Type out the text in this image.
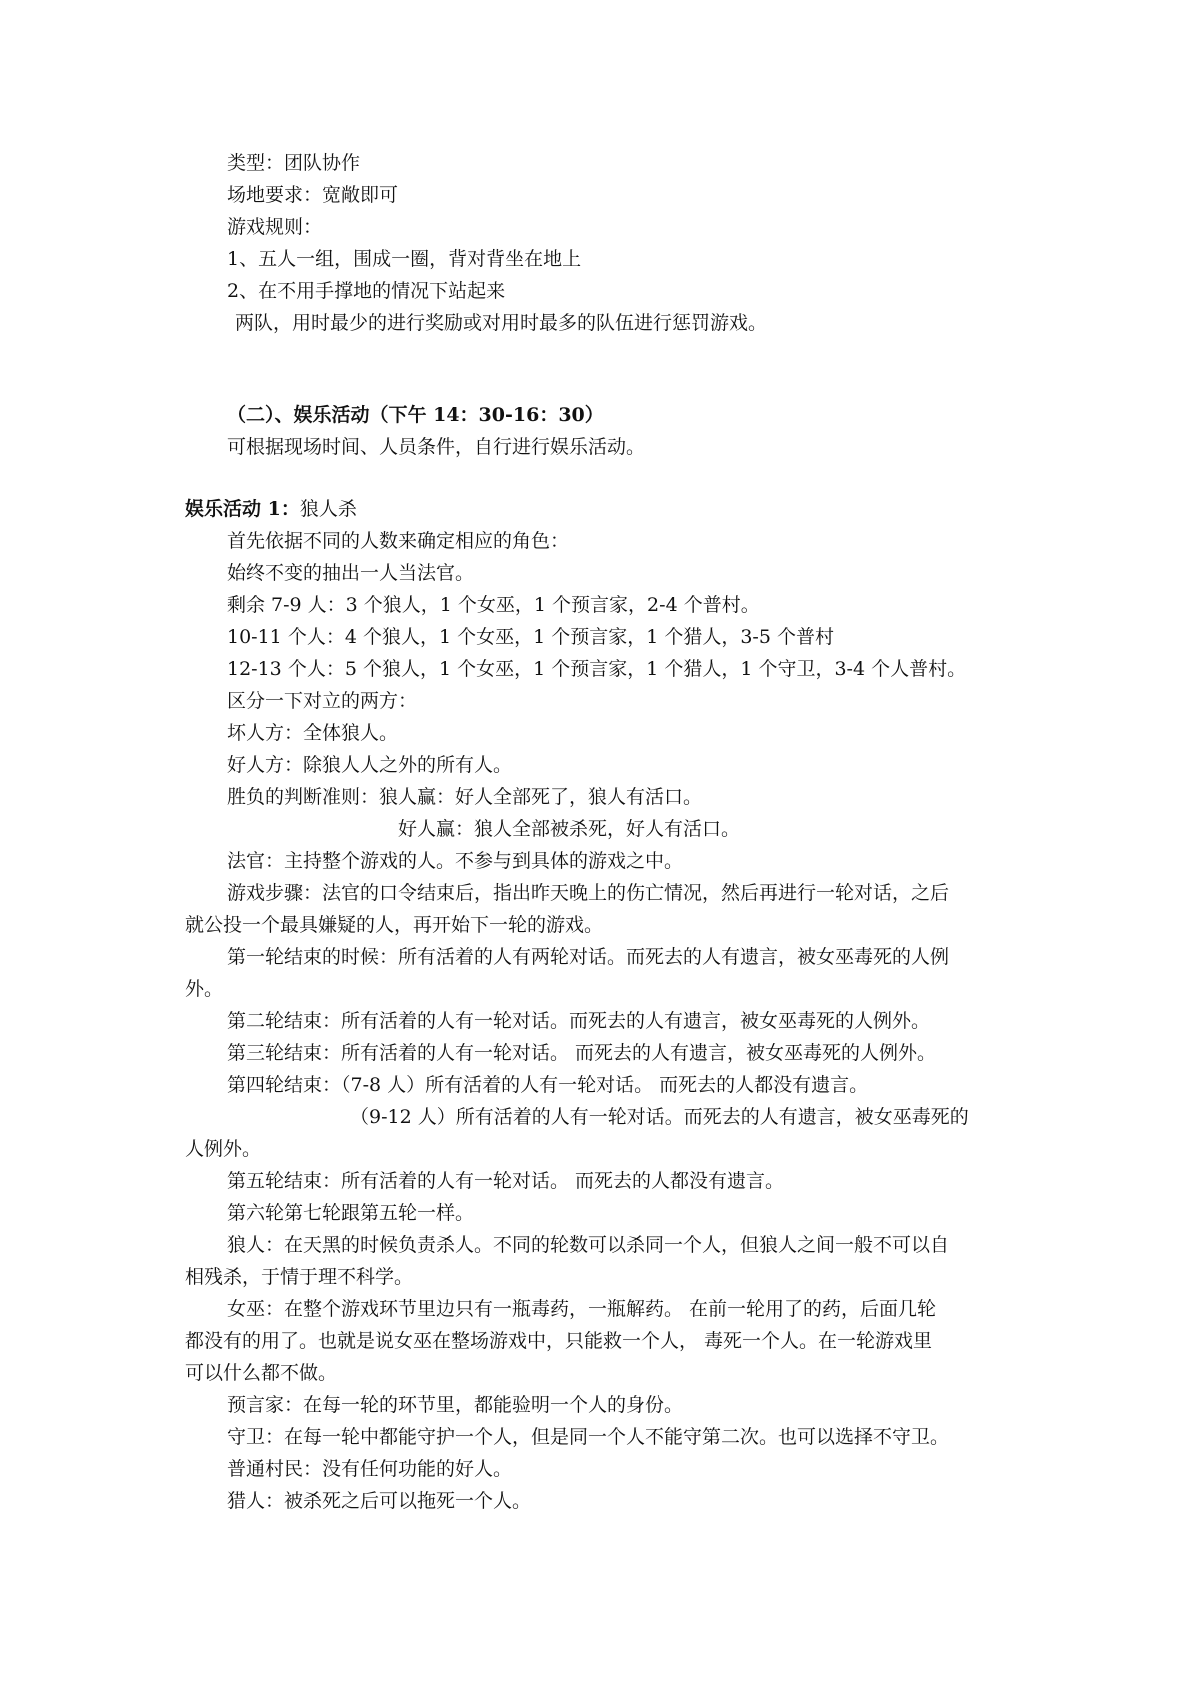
类型：团队协作
场地要求：宽敞即可
游戏规则：
1、五人一组，围成一圈，背对背坐在地上
2、在不用手撑地的情况下站起来
两队，用时最少的进行奖励或对用时最多的队伍进行惩罚游戏。
（二）、娱乐活动（下午 14：30-16：30）
可根据现场时间、人员条件，自行进行娱乐活动。
娱乐活动 1：狼人杀
首先依据不同的人数来确定相应的角色：
始终不变的抽出一人当法官。
剩余 7-9 人：3 个狼人，1 个女巫，1 个预言家，2-4 个普村。
10-11 个人：4 个狼人，1 个女巫，1 个预言家，1 个猎人，3-5 个普村
12-13 个人：5 个狼人，1 个女巫，1 个预言家，1 个猎人，1 个守卫，3-4 个人普村。
区分一下对立的两方：
坏人方：全体狼人。
好人方：除狼人人之外的所有人。
胜负的判断准则：狼人赢：好人全部死了，狼人有活口。
好人赢：狼人全部被杀死，好人有活口。
法官：主持整个游戏的人。不参与到具体的游戏之中。
游戏步骤：法官的口令结束后，指出昨天晚上的伤亡情况，然后再进行一轮对话，之后
就公投一个最具嫌疑的人，再开始下一轮的游戏。
第一轮结束的时候：所有活着的人有两轮对话。而死去的人有遗言，被女巫毒死的人例
外。
第二轮结束：所有活着的人有一轮对话。而死去的人有遗言，被女巫毒死的人例外。
第三轮结束：所有活着的人有一轮对话。 而死去的人有遗言，被女巫毒死的人例外。
第四轮结束：（7-8 人）所有活着的人有一轮对话。 而死去的人都没有遗言。
（9-12 人）所有活着的人有一轮对话。而死去的人有遗言，被女巫毒死的
人例外。
第五轮结束：所有活着的人有一轮对话。 而死去的人都没有遗言。
第六轮第七轮跟第五轮一样。
狼人：在天黑的时候负责杀人。不同的轮数可以杀同一个人，但狼人之间一般不可以自
相残杀，于情于理不科学。
女巫：在整个游戏环节里边只有一瓶毒药，一瓶解药。 在前一轮用了的药，后面几轮
都没有的用了。也就是说女巫在整场游戏中，只能救一个人， 毒死一个人。在一轮游戏里
可以什么都不做。
预言家：在每一轮的环节里，都能验明一个人的身份。
守卫：在每一轮中都能守护一个人，但是同一个人不能守第二次。也可以选择不守卫。
普通村民：没有任何功能的好人。
猎人：被杀死之后可以拖死一个人。
